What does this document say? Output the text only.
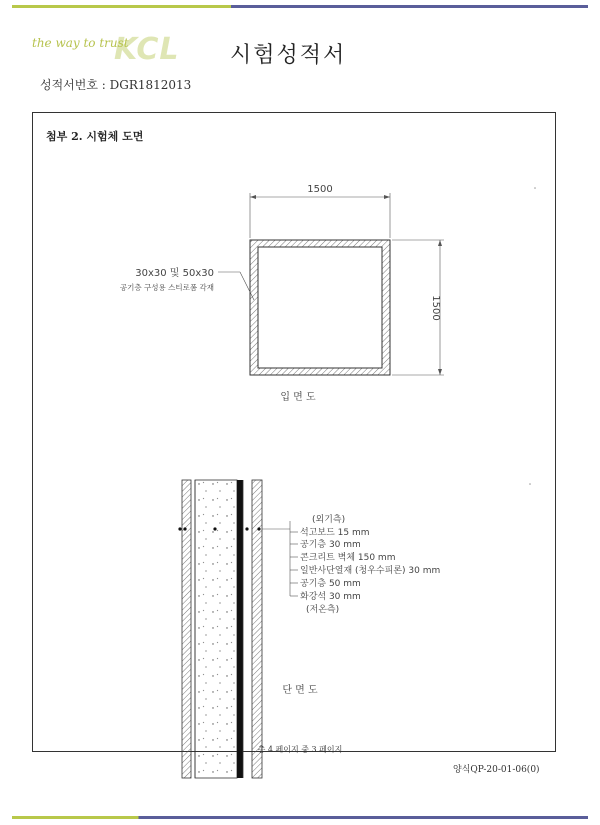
KCL
the way to trust	시험성적서
성적서번호 : DGR1812013
첨부 2. 시험체 도면
1500
1500
30x30 및 50x30
공기층 구성용 스티로폼 각재
입 면 도
(외기측)
석고보드 15 mm
공기층 30 mm
콘크리트 벽체 150 mm
일반사단열재 (청우수피론) 30 mm
공기층 50 mm
화강석 30 mm
(저온측)
단 면 도
총 4 페이지 중 3 페이지
양식QP-20-01-06(0)
